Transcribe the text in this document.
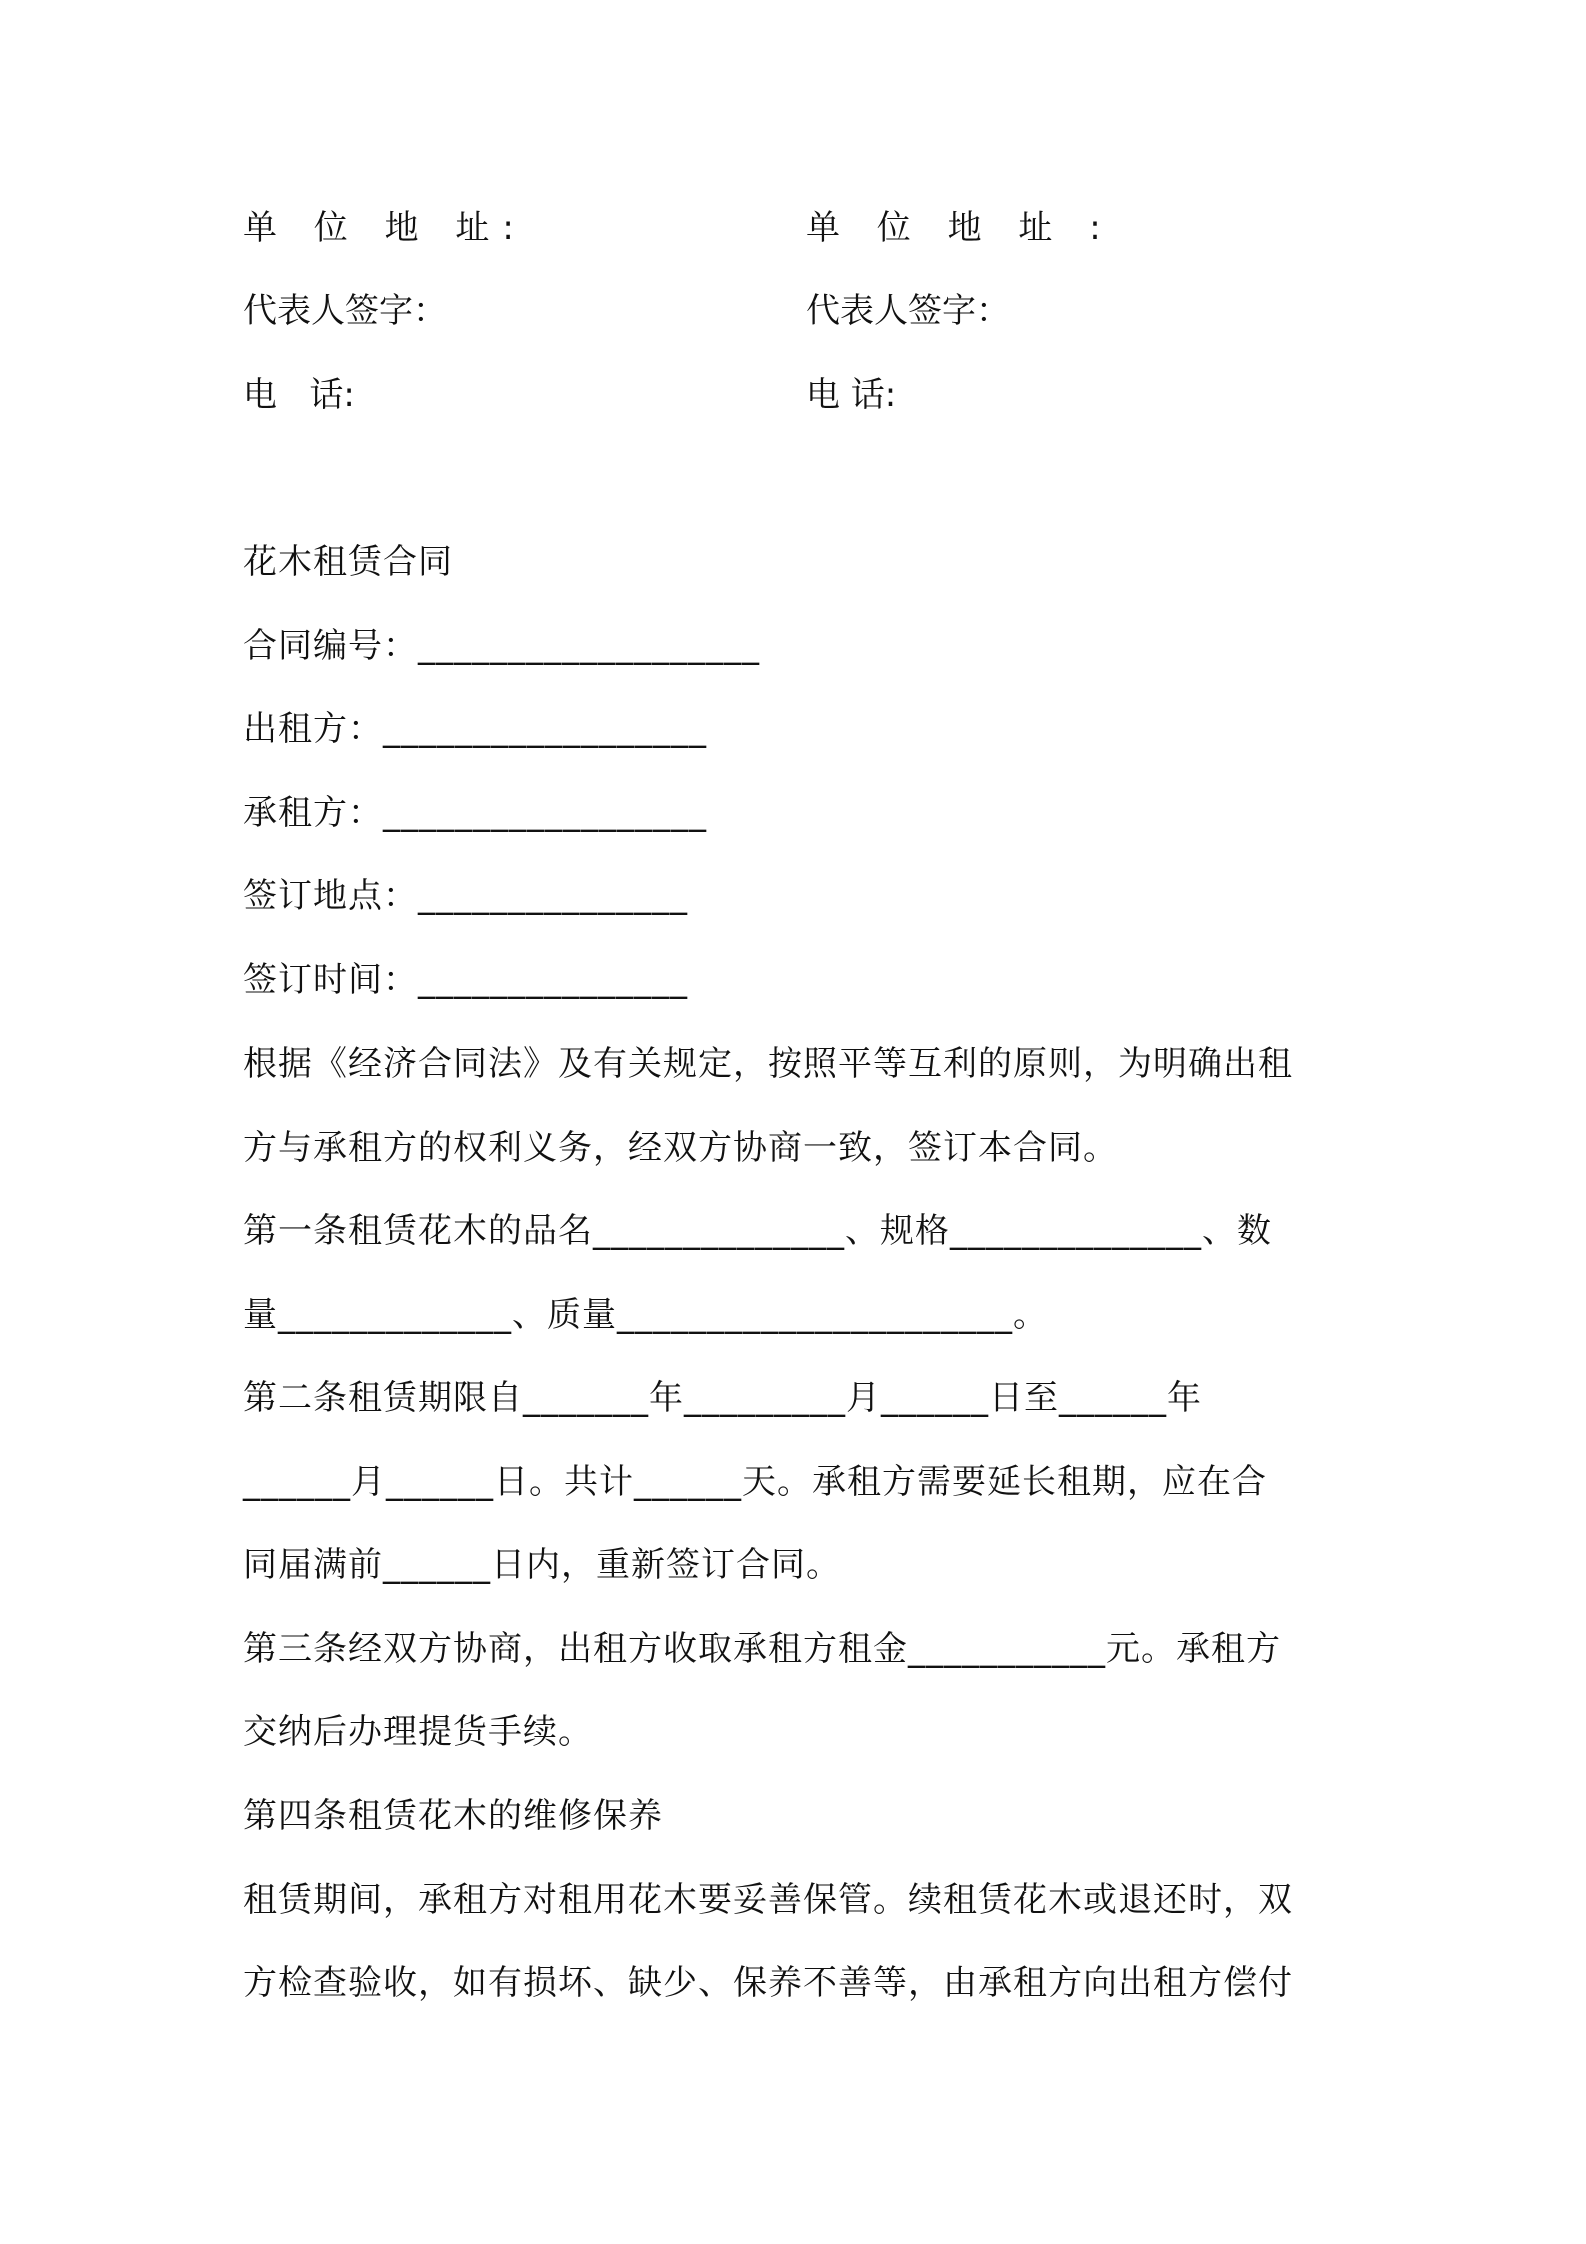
单 位 地 址:	单 位 地 址 :
代表人签字：	代表人签字：
电   话:	电 话:
花木租赁合同
合同编号：___________________
出租方：__________________
承租方：__________________
签订地点：_______________
签订时间：_______________
根据《经济合同法》及有关规定，按照平等互利的原则，为明确出租
方与承租方的权利义务，经双方协商一致，签订本合同。
第一条租赁花木的品名______________、规格______________、数
量_____________、质量______________________。
第二条租赁期限自_______年_________月______日至______年
______月______日。共计______天。承租方需要延长租期，应在合
同届满前______日内，重新签订合同。
第三条经双方协商，出租方收取承租方租金___________元。承租方
交纳后办理提货手续。
第四条租赁花木的维修保养
租赁期间，承租方对租用花木要妥善保管。续租赁花木或退还时，双
方检查验收，如有损坏、缺少、保养不善等，由承租方向出租方偿付
